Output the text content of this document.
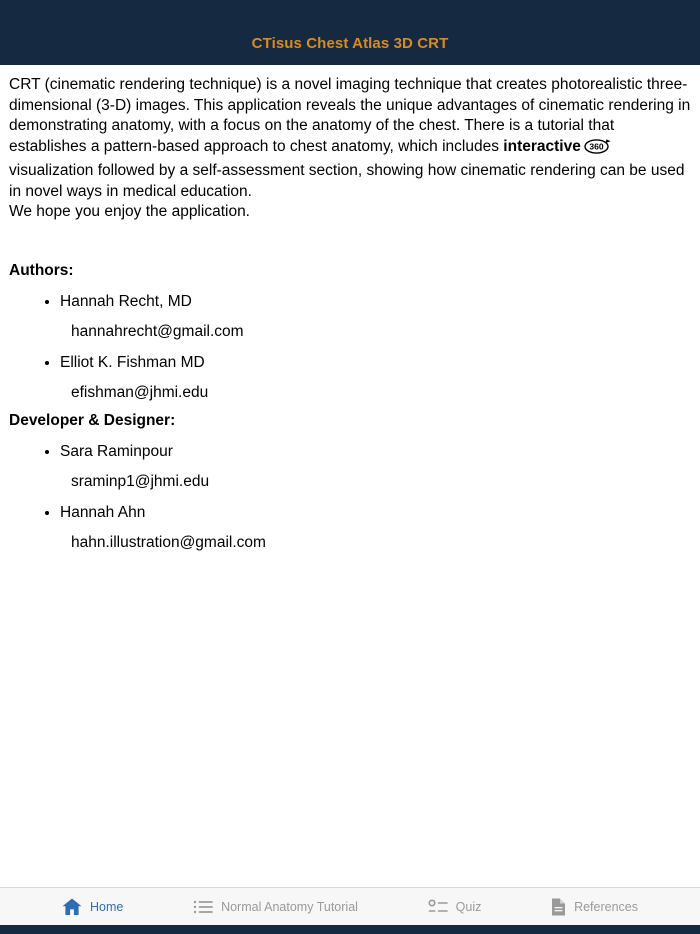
CTisus Chest Atlas 3D CRT

CRT (cinematic rendering technique) is a novel imaging technique that creates photorealistic three-dimensional (3-D) images. This application reveals the unique advantages of cinematic rendering in demonstrating anatomy, with a focus on the anatomy of the chest. There is a tutorial that establishes a pattern-based approach to chest anatomy, which includes interactive 360
visualization followed by a self-assessment section, showing how cinematic rendering can be used in novel ways in medical education.

We hope you enjoy the application.

Authors:
• Hannah Recht, MD
hannahrecht@gmail.com
• Elliot K. Fishman MD
efishman@jhmi.edu
Developer & Designer:
• Sara Raminpour
sraminp1@jhmi.edu
• Hannah Ahn
hahn.illustration@gmail.com
Home	Normal Anatomy Tutorial	Quiz	References
